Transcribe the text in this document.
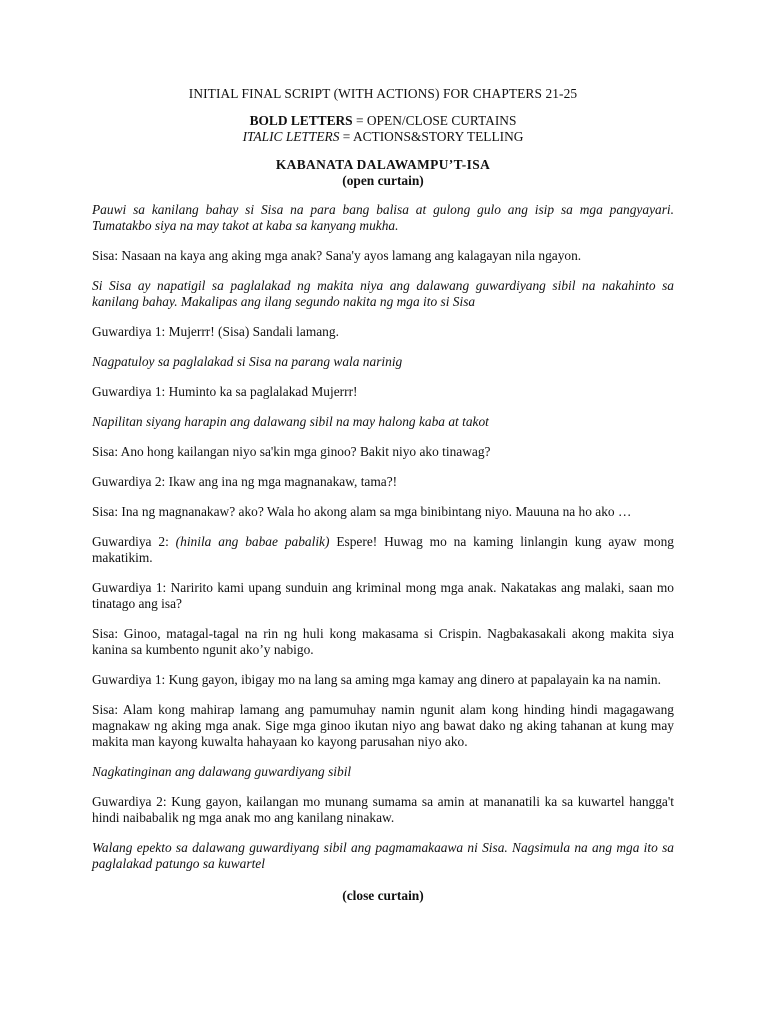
INITIAL FINAL SCRIPT (WITH ACTIONS) FOR CHAPTERS 21-25

BOLD LETTERS = OPEN/CLOSE CURTAINS

ITALIC LETTERS = ACTIONS&STORY TELLING

KABANATA DALAWAMPU’T-ISA

(open curtain)

Pauwi sa kanilang bahay si Sisa na para bang balisa at gulong gulo ang isip sa mga pangyayari. Tumatakbo siya na may takot at kaba sa kanyang mukha.

Sisa: Nasaan na kaya ang aking mga anak? Sana'y ayos lamang ang kalagayan nila ngayon.

Si Sisa ay napatigil sa paglalakad ng makita niya ang dalawang guwardiyang sibil na nakahinto sa kanilang bahay. Makalipas ang ilang segundo nakita ng mga ito si Sisa

Guwardiya 1: Mujerrr! (Sisa) Sandali lamang.

Nagpatuloy sa paglalakad si Sisa na parang wala narinig

Guwardiya 1: Huminto ka sa paglalakad Mujerrr!

Napilitan siyang harapin ang dalawang sibil na may halong kaba at takot

Sisa: Ano hong kailangan niyo sa'kin mga ginoo? Bakit niyo ako tinawag?

Guwardiya 2: Ikaw ang ina ng mga magnanakaw, tama?!

Sisa: Ina ng magnanakaw? ako? Wala ho akong alam sa mga binibintang niyo. Mauuna na ho ako …

Guwardiya 2: (hinila ang babae pabalik) Espere! Huwag mo na kaming linlangin kung ayaw mong makatikim.

Guwardiya 1: Naririto kami upang sunduin ang kriminal mong mga anak. Nakatakas ang malaki, saan mo tinatago ang isa?

Sisa: Ginoo, matagal-tagal na rin ng huli kong makasama si Crispin. Nagbakasakali akong makita siya kanina sa kumbento ngunit ako’y nabigo.

Guwardiya 1: Kung gayon, ibigay mo na lang sa aming mga kamay ang dinero at papalayain ka na namin.

Sisa: Alam kong mahirap lamang ang pamumuhay namin ngunit alam kong hinding hindi magagawang magnakaw ng aking mga anak. Sige mga ginoo ikutan niyo ang bawat dako ng aking tahanan at kung may makita man kayong kuwalta hahayaan ko kayong parusahan niyo ako.

Nagkatinginan ang dalawang guwardiyang sibil

Guwardiya 2: Kung gayon, kailangan mo munang sumama sa amin at mananatili ka sa kuwartel hangga't hindi naibabalik ng mga anak mo ang kanilang ninakaw.

Walang epekto sa dalawang guwardiyang sibil ang pagmamakaawa ni Sisa. Nagsimula na ang mga ito sa paglalakad patungo sa kuwartel

(close curtain)
